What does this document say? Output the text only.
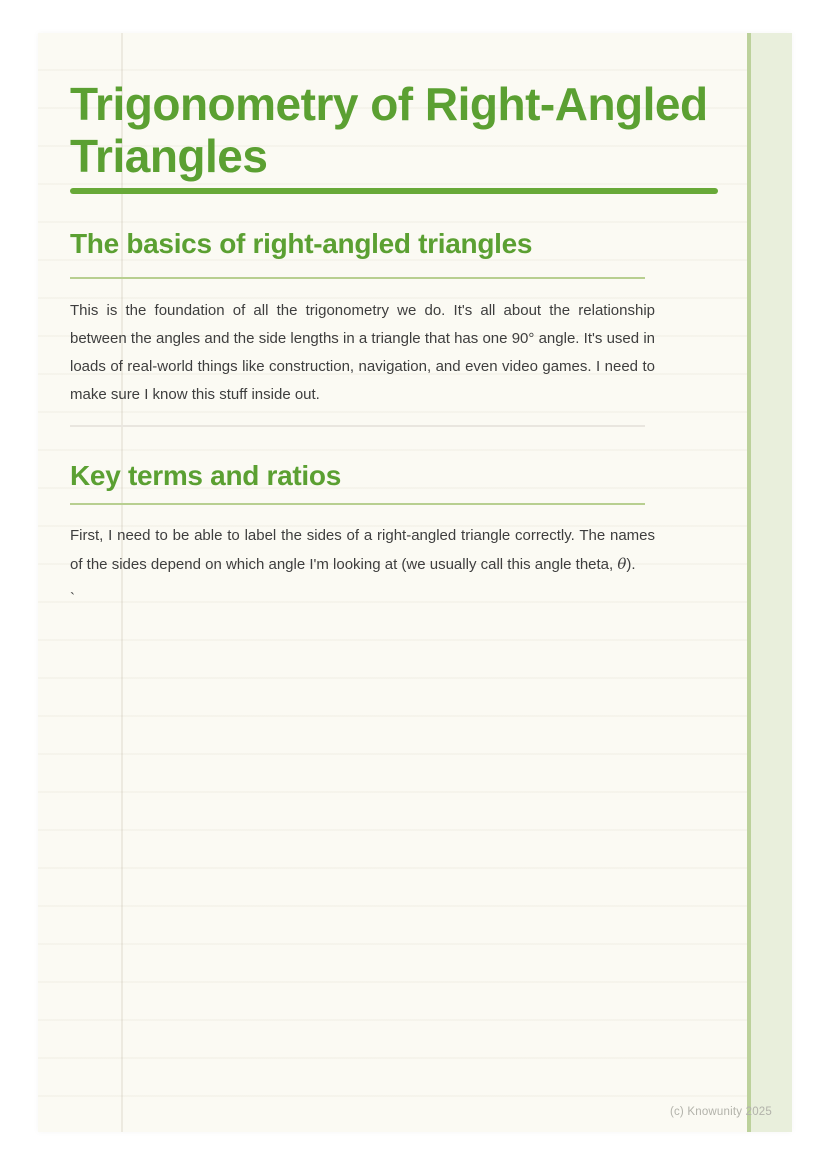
Trigonometry of Right-Angled
Triangles
The basics of right-angled triangles

This is the foundation of all the trigonometry we do. It's all about the relationship between the angles and the side lengths in a triangle that has one 90° angle. It's used in loads of real-world things like construction, navigation, and even video games. I need to make sure I know this stuff inside out.

Key terms and ratios

First, I need to be able to label the sides of a right-angled triangle correctly. The names of the sides depend on which angle I'm looking at (we usually call this angle theta, θ).

`
(c) Knowunity 2025
